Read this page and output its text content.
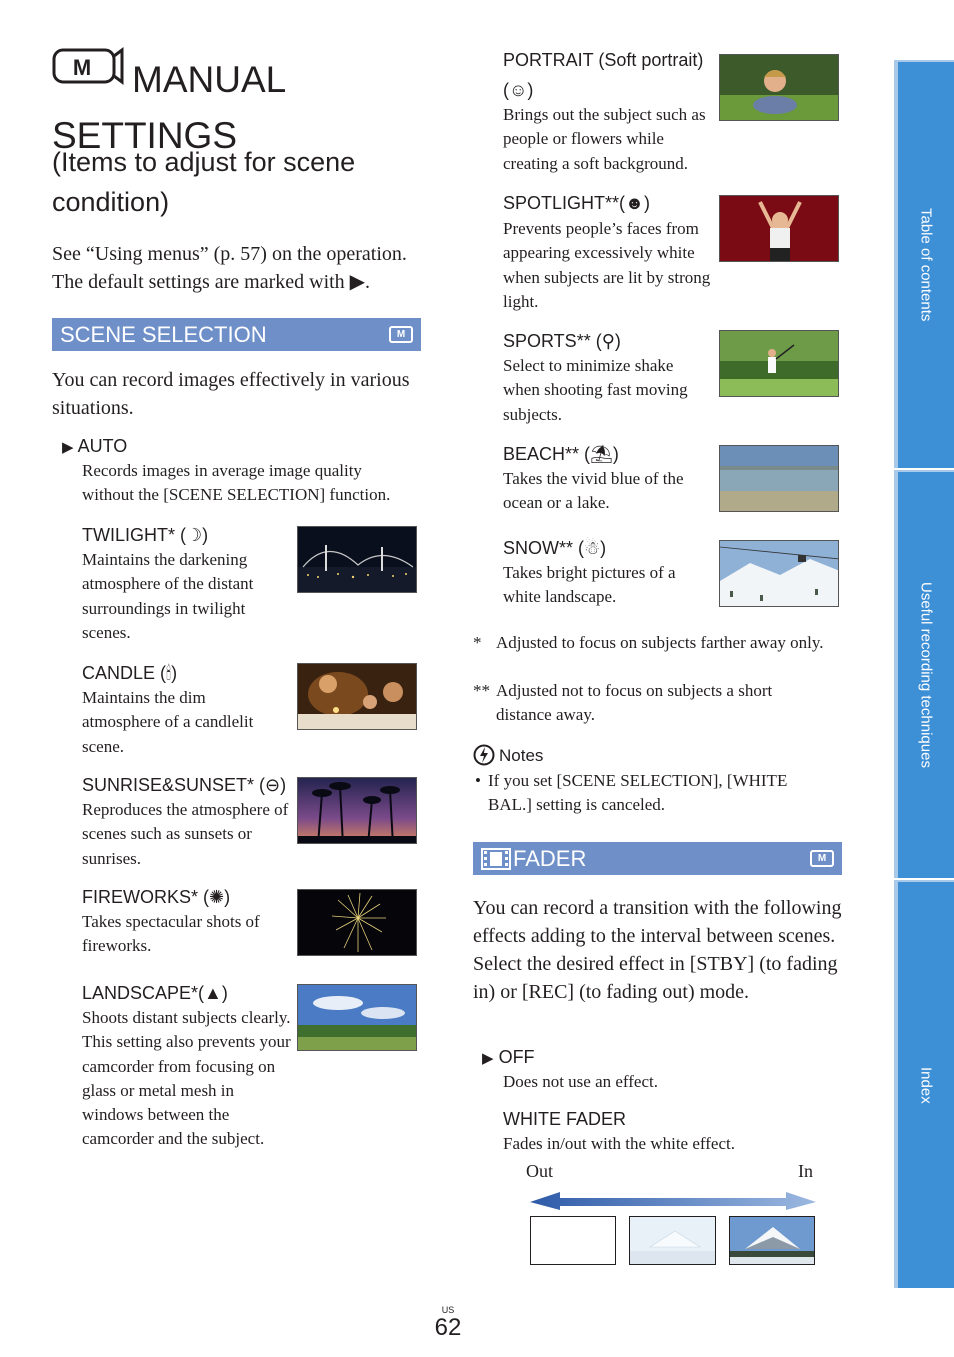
M MANUAL
SETTINGS
(Items to adjust for scene condition)
See “Using menus” (p. 57) on the operation.
The default settings are marked with ▶.
SCENE SELECTION	M
You can record images effectively in various situations.
▶ AUTO
Records images in average image quality without the [SCENE SELECTION] function.
TWILIGHT* (☽)
Maintains the darkening atmosphere of the distant surroundings in twilight scenes.
CANDLE (🕯)
Maintains the dim atmosphere of a candlelit scene.
SUNRISE&SUNSET* (⊖)
Reproduces the atmosphere of scenes such as sunsets or sunrises.
FIREWORKS* (✺)
Takes spectacular shots of fireworks.
LANDSCAPE*(▲)
Shoots distant subjects clearly. This setting also prevents your camcorder from focusing on glass or metal mesh in windows between the camcorder and the subject.
PORTRAIT (Soft portrait)
(☺)
Brings out the subject such as people or flowers while creating a soft background.
SPOTLIGHT**(☻)
Prevents people’s faces from appearing excessively white when subjects are lit by strong light.
SPORTS** (⚲)
Select to minimize shake when shooting fast moving subjects.
BEACH** (⛱)
Takes the vivid blue of the ocean or a lake.
SNOW** (☃)
Takes bright pictures of a white landscape.
* Adjusted to focus on subjects farther away only.
** Adjusted not to focus on subjects a short distance away.
Notes
• If you set [SCENE SELECTION], [WHITE BAL.] setting is canceled.
FADER	M
You can record a transition with the following effects adding to the interval between scenes. Select the desired effect in [STBY] (to fading in) or [REC] (to fading out) mode.
▶ OFF
Does not use an effect.
WHITE FADER
Fades in/out with the white effect.
Out	In
Table of contents
Useful recording techniques
Index
US
62
